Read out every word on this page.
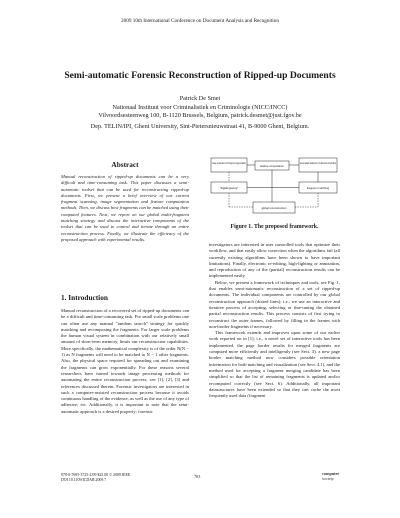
2009 10th International Conference on Document Analysis and Recognition
Semi-automatic Forensic Reconstruction of Ripped-up Documents
Patrick De Smet
Nationaal Instituut voor Criminalistiek en Criminologie (NICC/INCC)
Vilvoordsesteenweg 100, B-1120 Brussels, Belgium, patrick.desmet@just.fgov.be
Dep. TELIN/IPI, Ghent University, Sint-Pietersnieuwstraat 41, B-9000 Ghent, Belgium.
Abstract

Manual reconstruction of ripped-up documents can be a very difficult and time-consuming task. This paper discusses a semi-automatic toolset that can be used for reconstructing ripped-up documents. First, we present a brief overview of our current fragment scanning, image segmentation and feature computation methods. Then, we discuss how fragments can be matched using their computed features. Next, we report on our global multi-fragment matching strategy and discuss the interactive components of the toolset that can be used to control and iterate through an entire reconstruction process. Finally, we illustrate the efficiency of the proposed approach with experimental results.

1. Introduction

Manual reconstruction of a recovered set of ripped-up documents can be a difficult and time-consuming task. For small scale problems one can often use any manual "random search" strategy for quickly matching and recomposing the fragments. For larger scale problems the human visual system in combination with our relatively small amount of short-term memory, limits our reconstruction capabilities. More specifically, the mathematical complexity is of the order N(N − 1) as N fragments will need to be matched to N − 1 other fragments. Also, the physical space required for spreading out and examining the fragments can grow exponentially. For these reasons several researchers have turned towards image processing methods for automating the entire reconstruction process; see [1], [2], [3] and references discussed therein. Forensic investigators are interested in such a computer-assisted reconstruction process because it avoids continuous handling of the evidence, as well as the use of any type of adhesive, etc. Additionally, it is important to note that the semi-automatic approach is a desired property; forensic

image acquisition and fragment segmentation
feature computation
automated detection of document borders
"digital glueing"	fragment matching
global reconstruction
Figure 1. The proposed framework.

investigators are interested in user controlled tools that optimize their workflow, and that easily allow correction when the algorithms fail (all currently existing algorithms have been shown to have important limitations). Finally, electronic re-editing, high-lighting or annotation, and reproduction of any of the (partial) reconstruction results can be implemented easily.

Below, we present a framework of techniques and tools, see Fig. 1, that enables semi-automatic reconstruction of a set of ripped-up documents. The individual components are controlled by our global reconstruction approach (dotted lines); i.e., we use an interactive and iterative process of accepting, selecting or fine-tuning the obtained partial reconstruction results. This process consists of first trying to reconstruct the outer frames, followed by filling in the frames with non-border fragments if necessary.

This framework extends and improves upon some of our earlier work reported on in [1]; i.e., a novel set of interactive tools has been implemented, the page border results for merged fragments are computed more efficiently and intelligently (see Sect. 3), a new page border matching method now considers possible orientation information for both matching and visualization (see Sect. 4.1), and the method used for accepting a fragment merging candidate has been simplified so that the list of remaining fragments is updated and/or recomputed correctly (see Sect. 6). Additionally, all important datastructures have been extended so that they can cache the most frequently used data (fragment

978-0-7695-3725-2/09 $25.00 © 2009 IEEE
DOI 10.1109/ICDAR.2009.7
703
computer
society
